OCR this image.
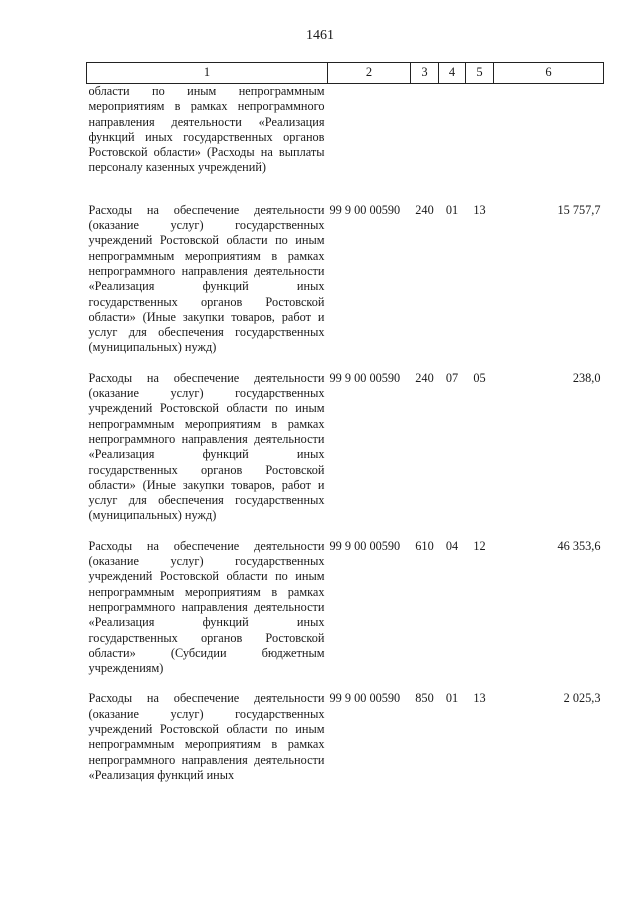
1461
1	2	3	4	5	6
области по иным непрограммным мероприятиям в рамках непрограммного направления деятельности «Реализация функций иных государственных органов Ростовской области» (Расходы на выплаты персоналу казенных учреждений)					
Расходы на обеспечение деятельности (оказание услуг) государственных учреждений Ростовской области по иным непрограммным мероприятиям в рамках непрограммного направления деятельности «Реализация функций иных государственных органов Ростовской области» (Иные закупки товаров, работ и услуг для обеспечения государственных (муниципальных) нужд)	99 9 00 00590	240	01	13	15 757,7
Расходы на обеспечение деятельности (оказание услуг) государственных учреждений Ростовской области по иным непрограммным мероприятиям в рамках непрограммного направления деятельности «Реализация функций иных государственных органов Ростовской области» (Иные закупки товаров, работ и услуг для обеспечения государственных (муниципальных) нужд)	99 9 00 00590	240	07	05	238,0
Расходы на обеспечение деятельности (оказание услуг) государственных учреждений Ростовской области по иным непрограммным мероприятиям в рамках непрограммного направления деятельности «Реализация функций иных государственных органов Ростовской области» (Субсидии бюджетным учреждениям)	99 9 00 00590	610	04	12	46 353,6
Расходы на обеспечение деятельности (оказание услуг) государственных учреждений Ростовской области по иным непрограммным мероприятиям в рамках непрограммного направления деятельности «Реализация функций иных	99 9 00 00590	850	01	13	2 025,3
